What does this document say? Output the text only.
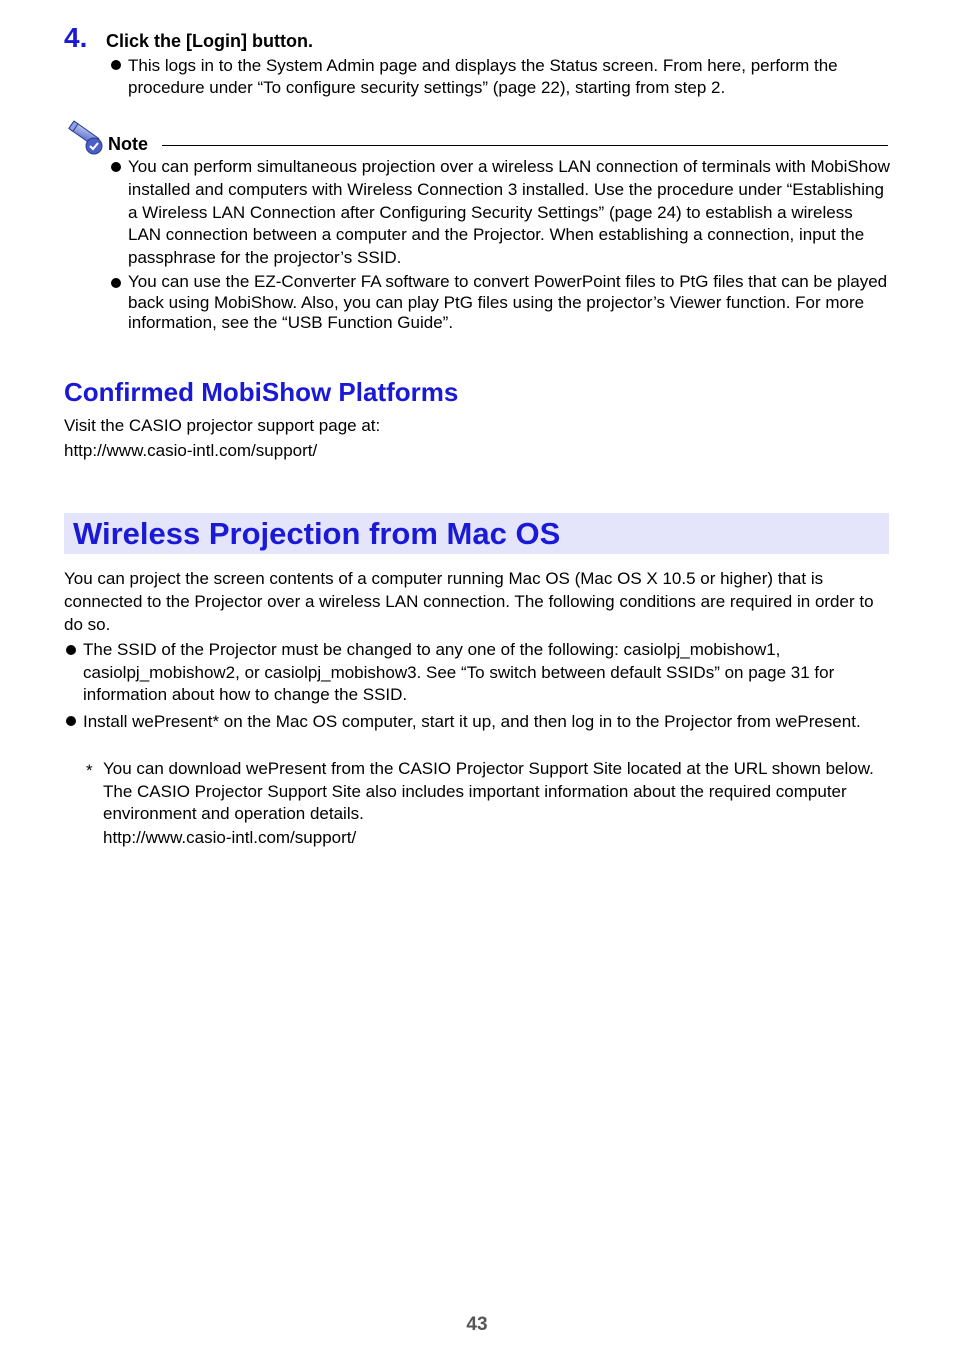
4. Click the [Login] button.
This logs in to the System Admin page and displays the Status screen. From here, perform the procedure under “To configure security settings” (page 22), starting from step 2.
Note
You can perform simultaneous projection over a wireless LAN connection of terminals with MobiShow installed and computers with Wireless Connection 3 installed. Use the procedure under “Establishing a Wireless LAN Connection after Configuring Security Settings” (page 24) to establish a wireless LAN connection between a computer and the Projector. When establishing a connection, input the passphrase for the projector’s SSID.
You can use the EZ-Converter FA software to convert PowerPoint files to PtG files that can be played back using MobiShow. Also, you can play PtG files using the projector’s Viewer function. For more information, see the “USB Function Guide”.
Confirmed MobiShow Platforms
Visit the CASIO projector support page at:
http://www.casio-intl.com/support/
Wireless Projection from Mac OS
You can project the screen contents of a computer running Mac OS (Mac OS X 10.5 or higher) that is connected to the Projector over a wireless LAN connection. The following conditions are required in order to do so.
The SSID of the Projector must be changed to any one of the following: casiolpj_mobishow1, casiolpj_mobishow2, or casiolpj_mobishow3. See “To switch between default SSIDs” on page 31 for information about how to change the SSID.
Install wePresent* on the Mac OS computer, start it up, and then log in to the Projector from wePresent.
* You can download wePresent from the CASIO Projector Support Site located at the URL shown below. The CASIO Projector Support Site also includes important information about the required computer environment and operation details.
http://www.casio-intl.com/support/
43
